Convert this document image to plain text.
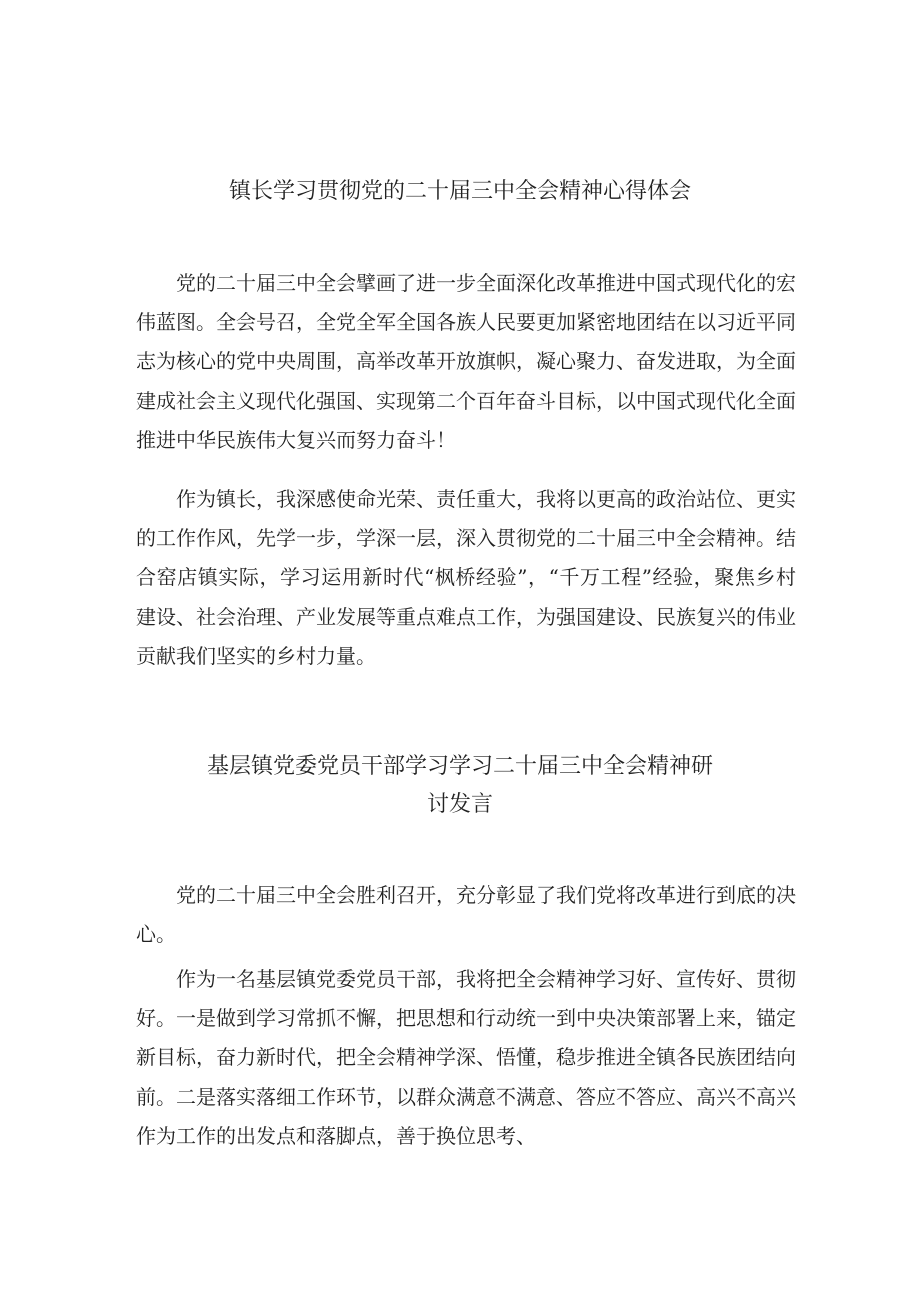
镇长学习贯彻党的二十届三中全会精神心得体会

党的二十届三中全会擘画了进一步全面深化改革推进中国式现代化的宏伟蓝图。全会号召，全党全军全国各族人民要更加紧密地团结在以习近平同志为核心的党中央周围，高举改革开放旗帜，凝心聚力、奋发进取，为全面建成社会主义现代化强国、实现第二个百年奋斗目标，以中国式现代化全面推进中华民族伟大复兴而努力奋斗！

作为镇长，我深感使命光荣、责任重大，我将以更高的政治站位、更实的工作作风，先学一步，学深一层，深入贯彻党的二十届三中全会精神。结合窑店镇实际，学习运用新时代“枫桥经验”，“千万工程”经验，聚焦乡村建设、社会治理、产业发展等重点难点工作，为强国建设、民族复兴的伟业贡献我们坚实的乡村力量。

基层镇党委党员干部学习学习二十届三中全会精神研
讨发言

党的二十届三中全会胜利召开，充分彰显了我们党将改革进行到底的决心。

作为一名基层镇党委党员干部，我将把全会精神学习好、宣传好、贯彻好。一是做到学习常抓不懈，把思想和行动统一到中央决策部署上来，锚定新目标，奋力新时代，把全会精神学深、悟懂，稳步推进全镇各民族团结向前。二是落实落细工作环节，以群众满意不满意、答应不答应、高兴不高兴作为工作的出发点和落脚点，善于换位思考、
